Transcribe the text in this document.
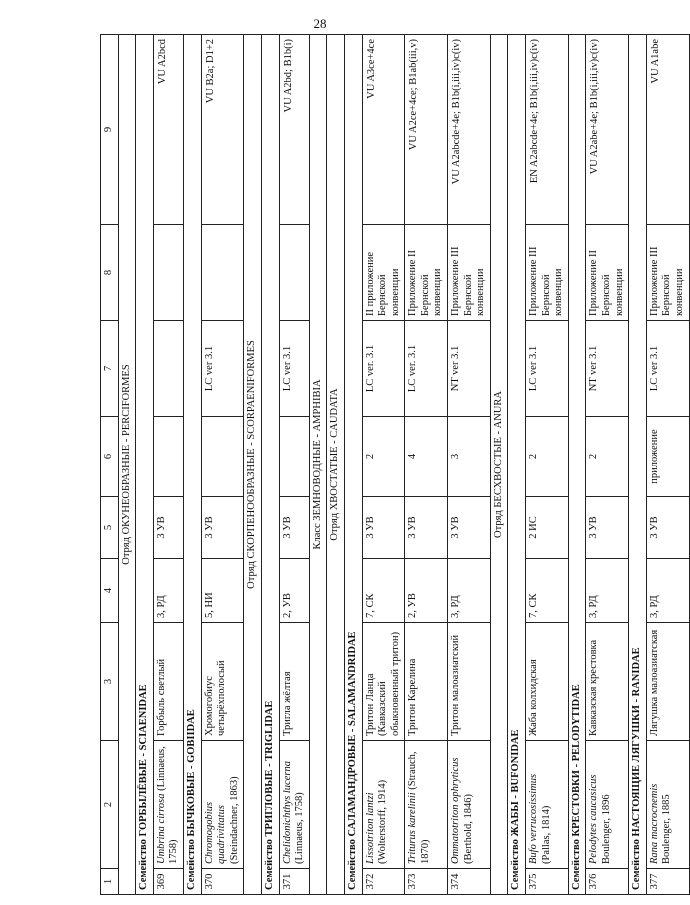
28
1	2	3	4	5	6	7	8	9
Отряд ОКУНЕОБРАЗНЫЕ - PERCIFORMES								
Семейство ГОРБЫЛЁВЫЕ - SCIAENIDAE								
369	Umbrina cirrosa (Linnaeus, 1758)	Горбыль светлый	3, РД	3 УВ				VU A2bcd
Семейство БЫЧКОВЫЕ - GOBIIDAE								
370	Chromogobius quadrivittatus (Steindachner, 1863)	Хромогобиус четырёхполосый	5, НИ	3 УВ		LC ver 3.1		VU B2a; D1+2
Отряд СКОРПЕНООБРАЗНЫЕ - SCORPAENIFORMES								
Семейство ТРИГЛОВЫЕ - TRIGLIDAE								
371	Chelidonichthys lucerna (Linnaeus, 1758)	Тригла жёлтая	2, УВ	3 УВ		LC ver 3.1		VU A2bd; B1b(i)
Класс ЗЕМНОВОДНЫЕ - AMPHIBIA								
Отряд ХВОСТАТЫЕ - CAUDATA								
Семейство САЛАМАНДРОВЫЕ - SALAMANDRIDAE								
372	Lissotriton lantzi (Wolterstorff, 1914)	Тритон Ланца (Кавказский обыкновенный тритон)	7, СК	3 УВ	2	LC ver. 3.1	II приложение Бернской конвенции	VU A3ce+4ce
373	Triturus karelinii (Strauch, 1870)	Тритон Карелина	2, УВ	3 УВ	4	LC ver. 3.1	Приложение II Бернской конвенции	VU A2ce+4ce; B1ab(iii,v)
374	Ommatotriton ophryticus (Berthold, 1846)	Тритон малоазиатский	3, РД	3 УВ	3	NT ver 3.1	Приложение III Бернской конвенции	VU A2abcde+4e; B1b(i,iii,iv)c(iv)
Отряд БЕСХВОСТЫЕ - ANURA								
Семейство ЖАБЫ - BUFONIDAE								
375	Bufo verrucosissimus (Pallas, 1814)	Жаба колхидская	7, СК	2 ИС	2	LC ver 3.1	Приложение III Бернской конвенции	EN A2abcde+4e; B1b(i,iii,iv)c(iv)
Семейство КРЕСТОВКИ - PELODYTIDAE								
376	Pelodytes caucasicus Boulenger, 1896	Кавказская крестовка	3, РД	3 УВ	2	NT ver 3.1	Приложение II Бернской конвенции	VU A2abe+4e; B1b(i,iii,iv)c(iv)
Семейство НАСТОЯЩИЕ ЛЯГУШКИ - RANIDAE								
377	Rana macrocnemis Boulenger, 1885	Лягушка малоазиатская	3, РД	3 УВ	приложение	LC ver 3.1	Приложение III Бернской конвенции	VU A1abe
